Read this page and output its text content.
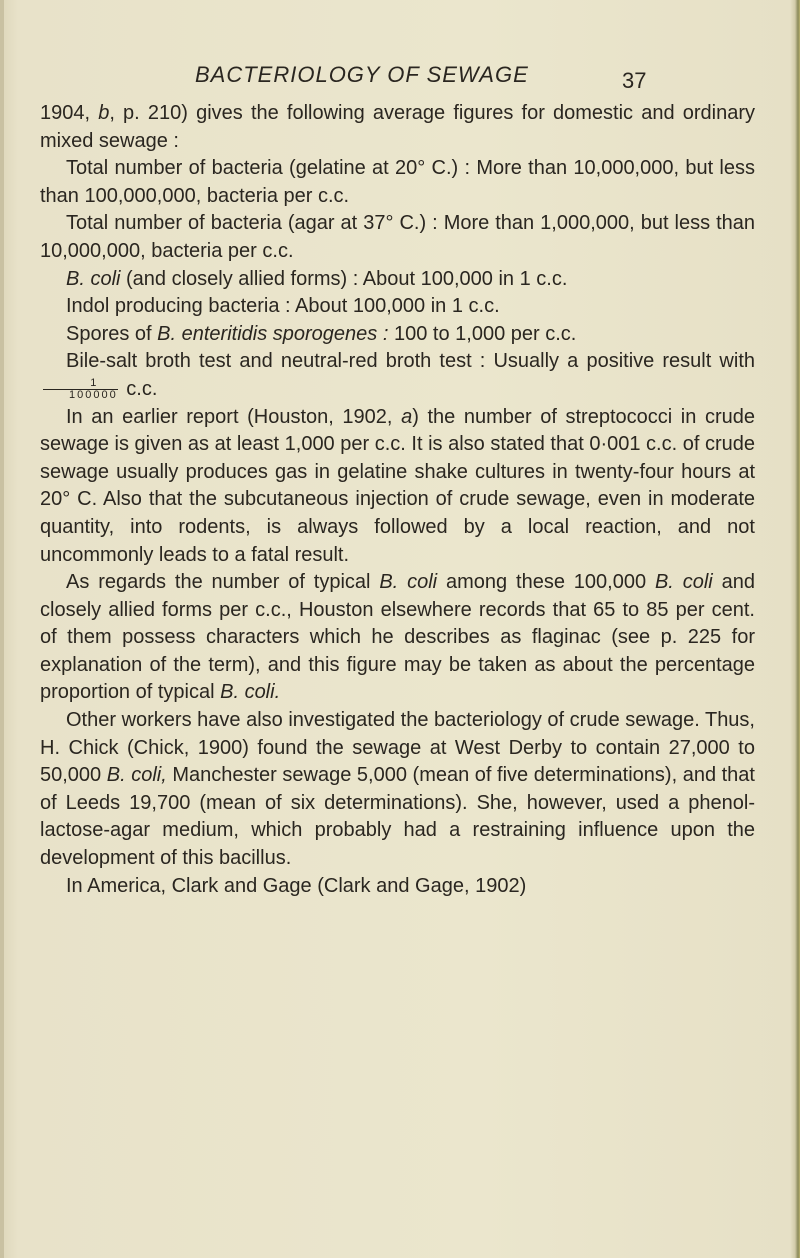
BACTERIOLOGY OF SEWAGE	37

1904, b, p. 210) gives the following average figures for domestic and ordinary mixed sewage :

Total number of bacteria (gelatine at 20° C.) : More than 10,000,000, but less than 100,000,000, bacteria per c.c.

Total number of bacteria (agar at 37° C.) : More than 1,000,000, but less than 10,000,000, bacteria per c.c.

B. coli (and closely allied forms) : About 100,000 in 1 c.c.

Indol producing bacteria : About 100,000 in 1 c.c.

Spores of B. enteritidis sporogenes : 100 to 1,000 per c.c.

Bile-salt broth test and neutral-red broth test : Usually a positive result with
$\frac{1}{100000} c.c$.

In an earlier report (Houston, 1902, a) the number of streptococci in crude sewage is given as at least 1,000 per c.c. It is also stated that 0·001 c.c. of crude sewage usually produces gas in gelatine shake cultures in twenty-four hours at 20° C. Also that the subcutaneous injection of crude sewage, even in moderate quantity, into rodents, is always followed by a local reaction, and not uncommonly leads to a fatal result.

As regards the number of typical B. coli among these 100,000 B. coli and closely allied forms per c.c., Houston elsewhere records that 65 to 85 per cent. of them possess characters which he describes as flaginac (see p. 225 for explanation of the term), and this figure may be taken as about the percentage proportion of typical B. coli.

Other workers have also investigated the bacteriology of crude sewage. Thus, H. Chick (Chick, 1900) found the sewage at West Derby to contain 27,000 to 50,000 B. coli, Manchester sewage 5,000 (mean of five determinations), and that of Leeds 19,700 (mean of six determinations). She, however, used a phenol-lactose-agar medium, which probably had a restraining influence upon the development of this bacillus.

In America, Clark and Gage (Clark and Gage, 1902)
